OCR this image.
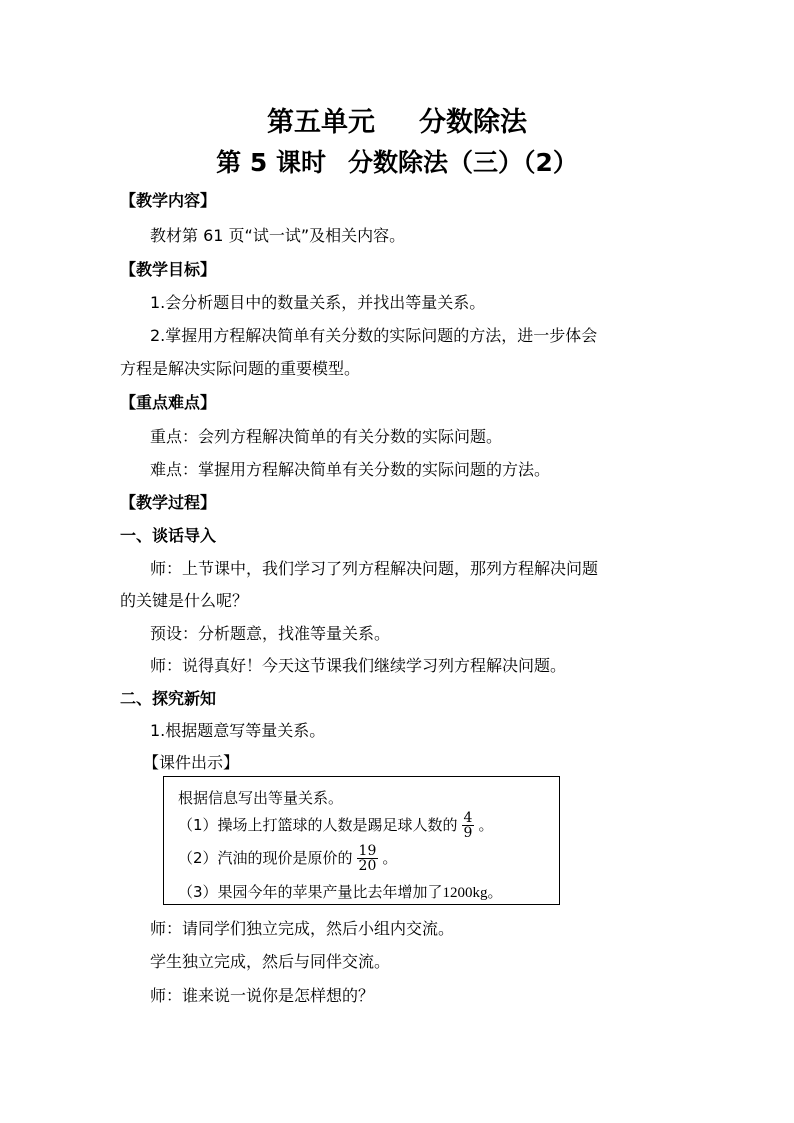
第五单元 分数除法
第 5 课时 分数除法（三）（2）
【教学内容】
教材第 61 页“试一试”及相关内容。
【教学目标】
1.会分析题目中的数量关系，并找出等量关系。
2.掌握用方程解决简单有关分数的实际问题的方法，进一步体会
方程是解决实际问题的重要模型。
【重点难点】
重点：会列方程解决简单的有关分数的实际问题。
难点：掌握用方程解决简单有关分数的实际问题的方法。
【教学过程】
一、谈话导入
师：上节课中，我们学习了列方程解决问题，那列方程解决问题
的关键是什么呢？
预设：分析题意，找准等量关系。
师：说得真好！今天这节课我们继续学习列方程解决问题。
二、探究新知
1.根据题意写等量关系。
【课件出示】
根据信息写出等量关系。
（1）操场上打篮球的人数是踢足球人数的 $\frac{4}{9}$ 。
（2）汽油的现价是原价的 $\frac{19}{20}$ 。
（3）果园今年的苹果产量比去年增加了1200kg。
师：请同学们独立完成，然后小组内交流。
学生独立完成，然后与同伴交流。
师：谁来说一说你是怎样想的？
